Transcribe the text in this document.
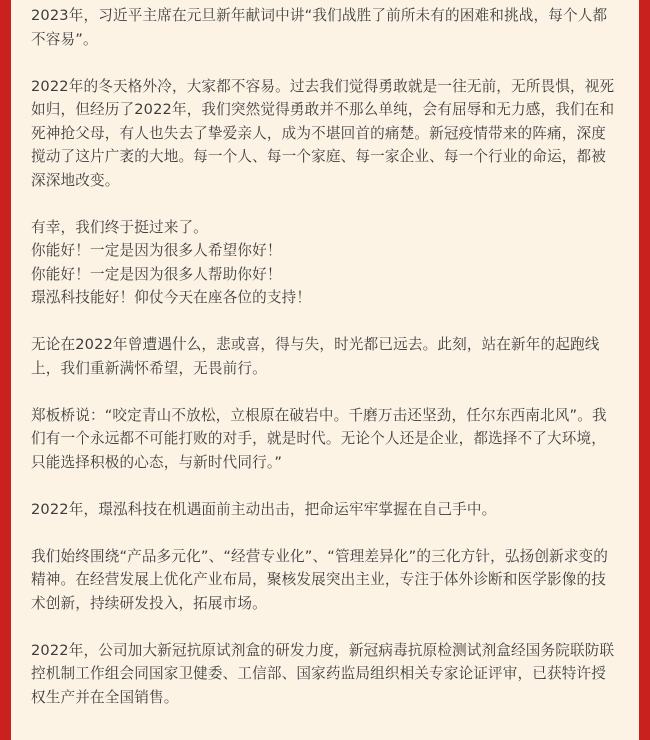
2023年，习近平主席在元旦新年献词中讲“我们战胜了前所未有的困难和挑战，每个人都不容易”。

2022年的冬天格外冷，大家都不容易。过去我们觉得勇敢就是一往无前，无所畏惧，视死如归，但经历了2022年，我们突然觉得勇敢并不那么单纯，会有屈辱和无力感，我们在和死神抢父母，有人也失去了挚爱亲人，成为不堪回首的痛楚。新冠疫情带来的阵痛，深度搅动了这片广袤的大地。每一个人、每一个家庭、每一家企业、每一个行业的命运，都被深深地改变。

有幸，我们终于挺过来了。
你能好！一定是因为很多人希望你好！
你能好！一定是因为很多人帮助你好！
璟泓科技能好！仰仗今天在座各位的支持！

无论在2022年曾遭遇什么，悲或喜，得与失，时光都已远去。此刻，站在新年的起跑线上，我们重新满怀希望，无畏前行。

郑板桥说：“咬定青山不放松，立根原在破岩中。千磨万击还坚劲，任尔东西南北风”。我们有一个永远都不可能打败的对手，就是时代。无论个人还是企业，都选择不了大环境，只能选择积极的心态，与新时代同行。”

2022年，璟泓科技在机遇面前主动出击，把命运牢牢掌握在自己手中。

我们始终围绕“产品多元化”、“经营专业化”、“管理差异化”的三化方针，弘扬创新求变的精神。在经营发展上优化产业布局，聚核发展突出主业，专注于体外诊断和医学影像的技术创新，持续研发投入，拓展市场。

2022年，公司加大新冠抗原试剂盒的研发力度，新冠病毒抗原检测试剂盒经国务院联防联控机制工作组会同国家卫健委、工信部、国家药监局组织相关专家论证评审，已获特许授权生产并在全国销售。
